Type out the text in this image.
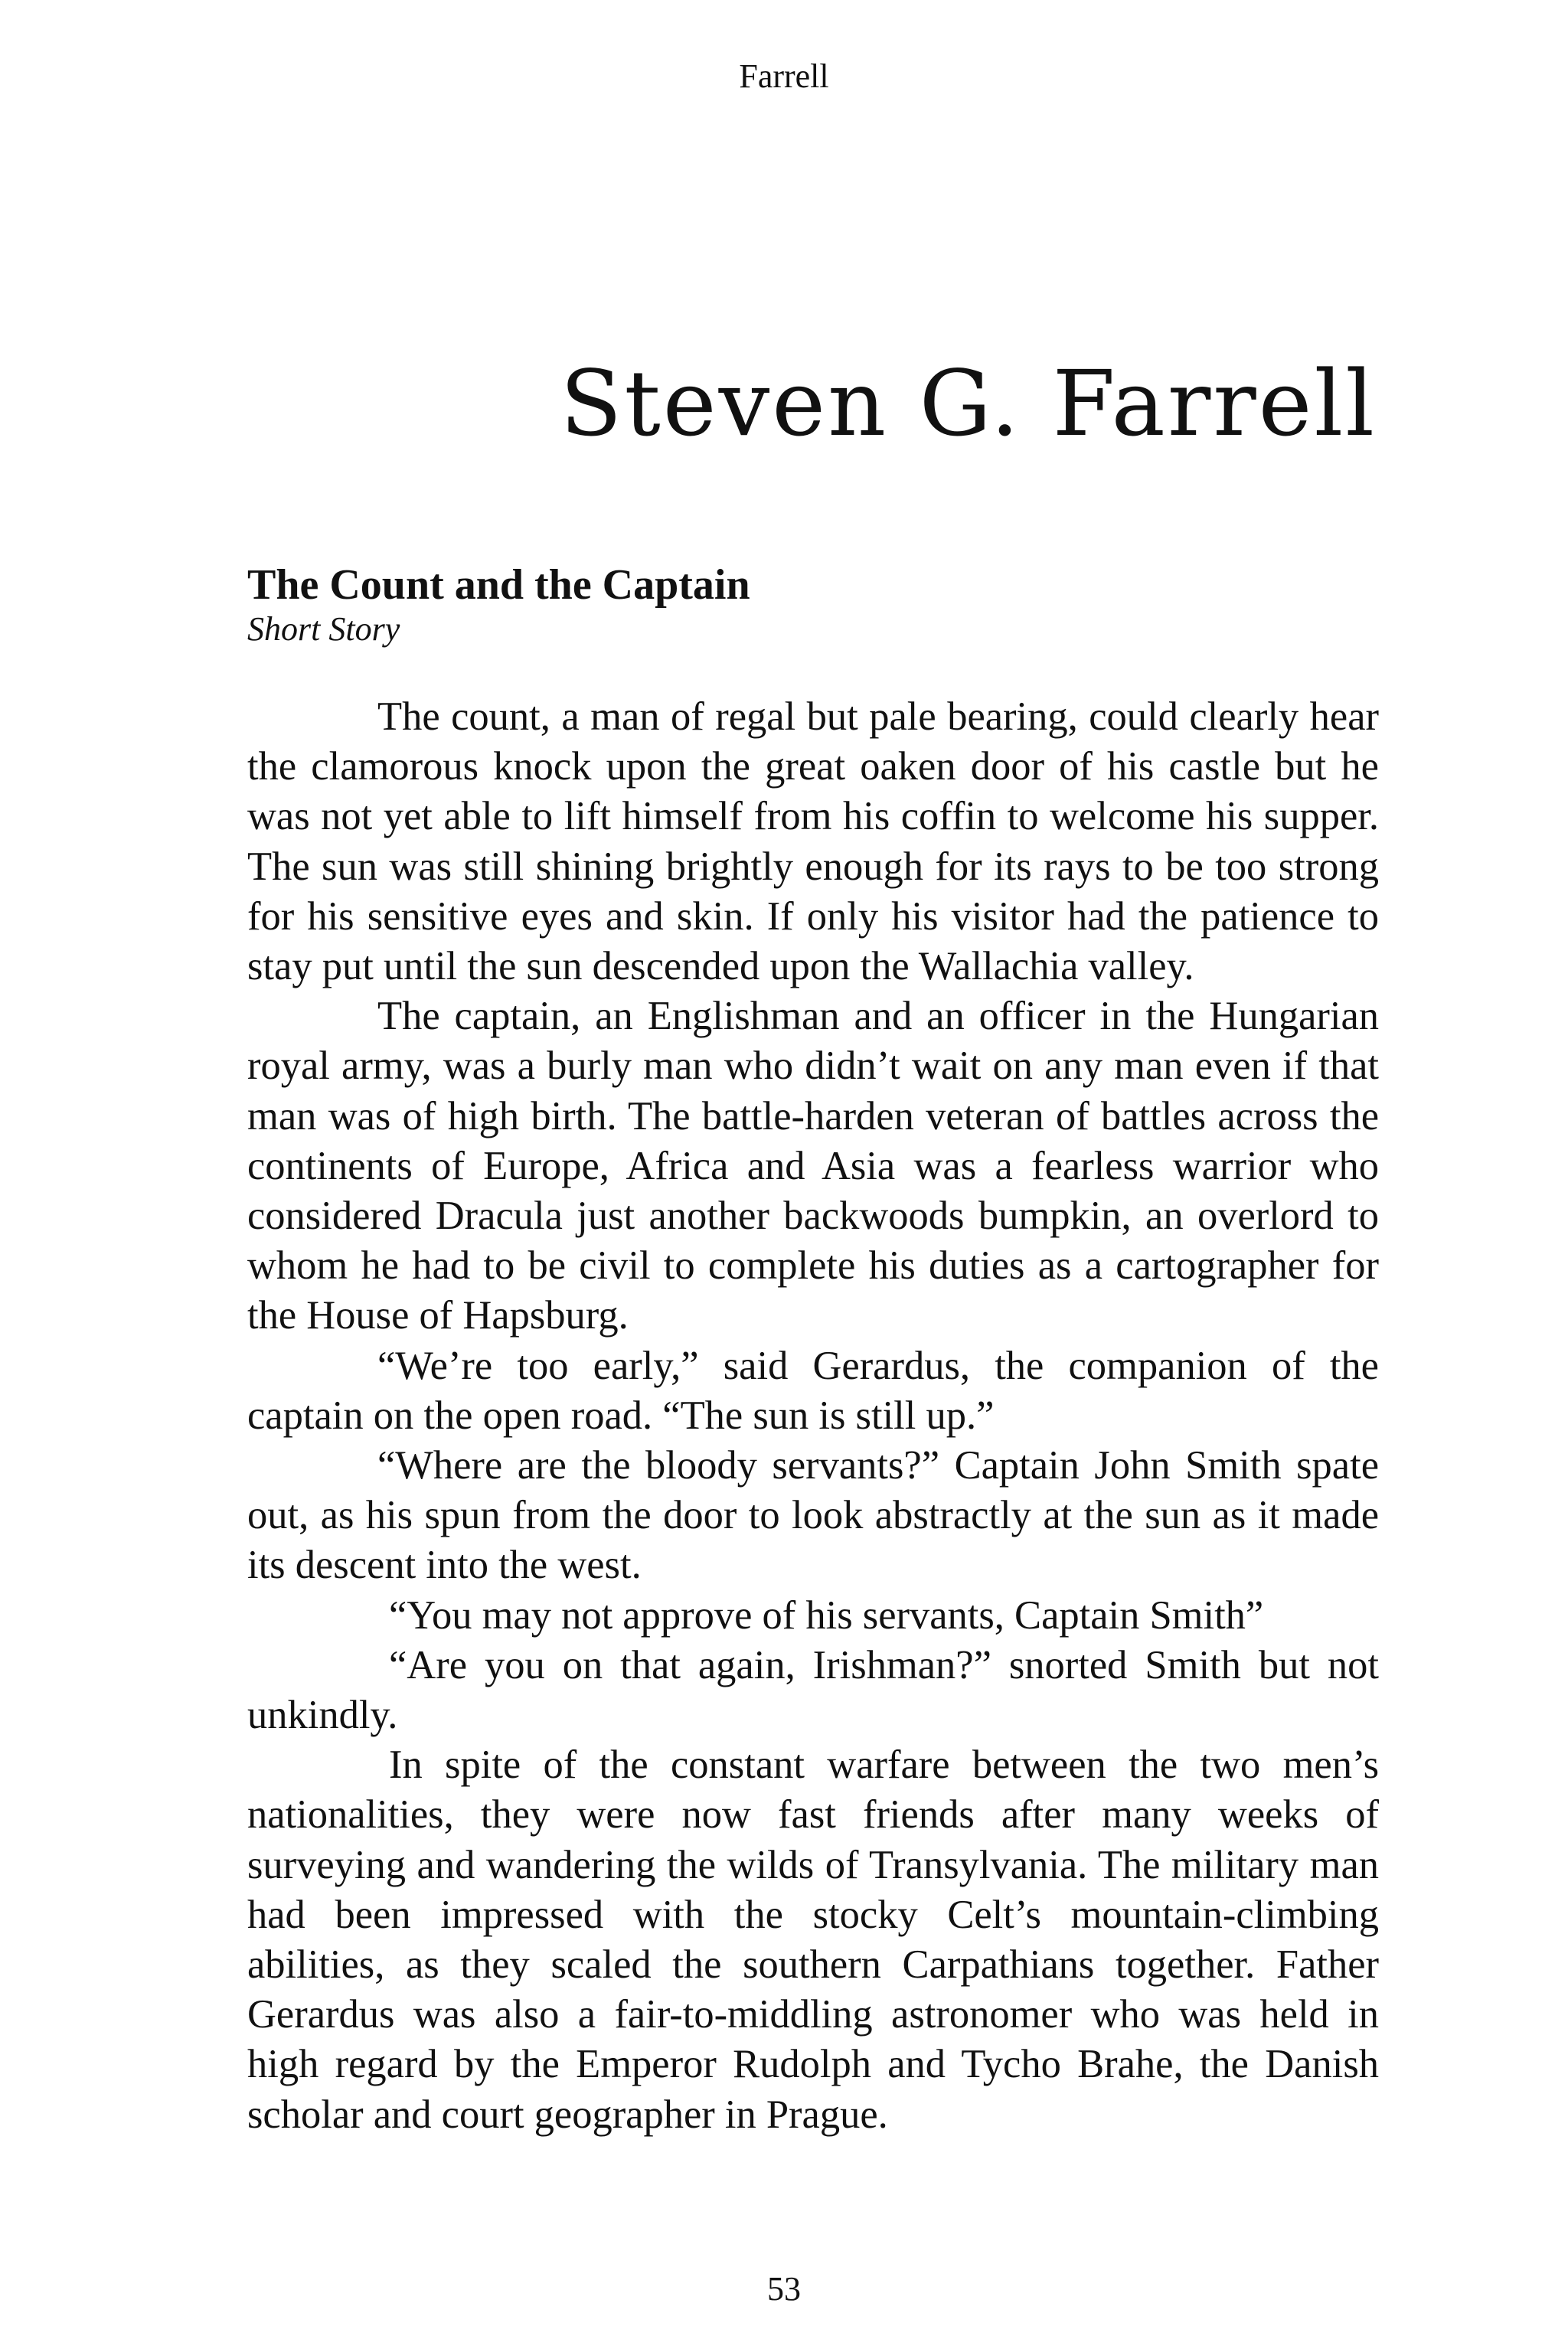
Farrell
Steven G. Farrell
The Count and the Captain
Short Story

The count, a man of regal but pale bearing, could clearly hear the clamorous knock upon the great oaken door of his castle but he was not yet able to lift himself from his coffin to welcome his supper. The sun was still shining brightly enough for its rays to be too strong for his sensitive eyes and skin. If only his visitor had the patience to stay put until the sun descended upon the Wallachia valley.

The captain, an Englishman and an officer in the Hungarian royal army, was a burly man who didn’t wait on any man even if that man was of high birth. The battle-harden veteran of battles across the continents of Europe, Africa and Asia was a fearless warrior who considered Dracula just another backwoods bumpkin, an overlord to whom he had to be civil to complete his duties as a cartographer for the House of Hapsburg.

“We’re too early,” said Gerardus, the companion of the captain on the open road. “The sun is still up.”

“Where are the bloody servants?” Captain John Smith spate out, as his spun from the door to look abstractly at the sun as it made its descent into the west.

“You may not approve of his servants, Captain Smith”

“Are you on that again, Irishman?” snorted Smith but not unkindly.

In spite of the constant warfare between the two men’s nationalities, they were now fast friends after many weeks of surveying and wandering the wilds of Transylvania. The military man had been impressed with the stocky Celt’s mountain-climbing abilities, as they scaled the southern Carpathians together. Father Gerardus was also a fair-to-middling astronomer who was held in high regard by the Emperor Rudolph and Tycho Brahe, the Danish scholar and court geographer in Prague.

53
